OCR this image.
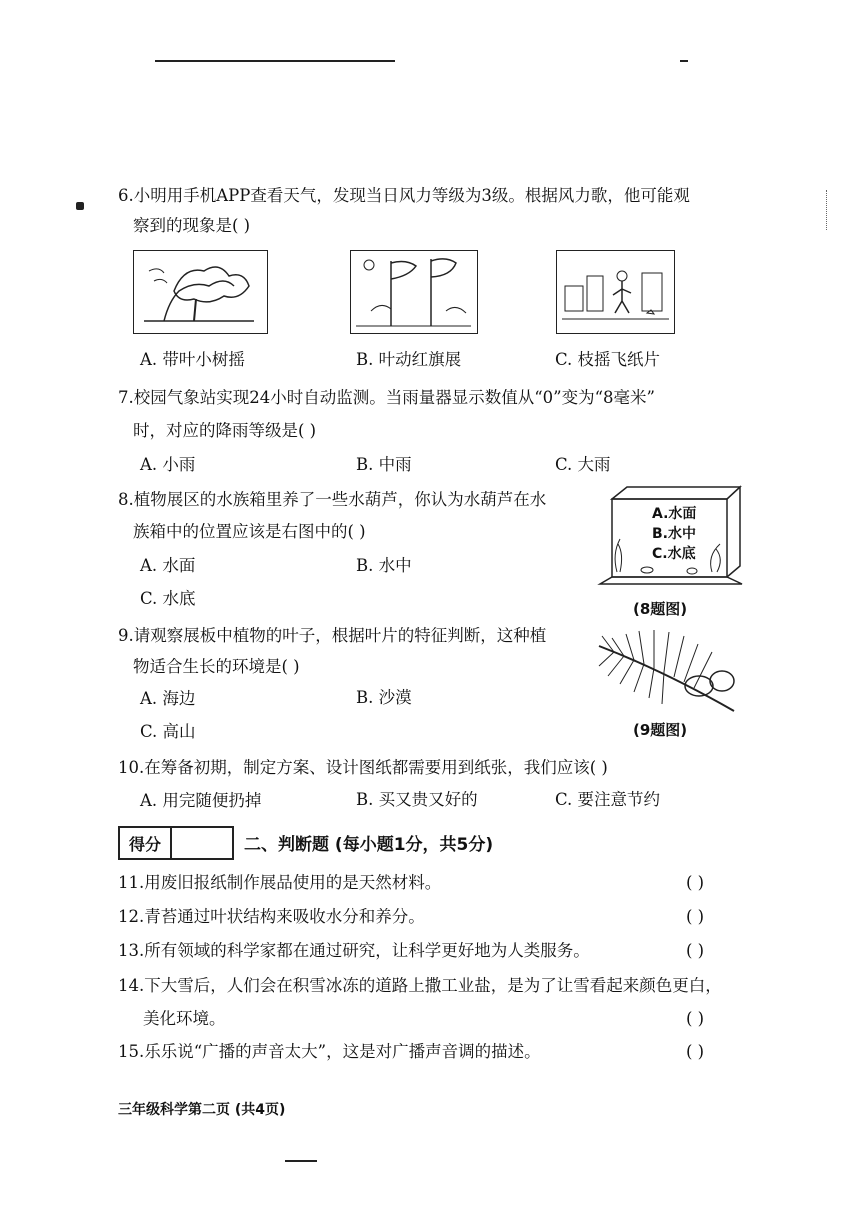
6.小明用手机APP查看天气，发现当日风力等级为3级。根据风力歌，他可能观
察到的现象是( )
A. 带叶小树摇	B. 叶动红旗展	C. 枝摇飞纸片
7.校园气象站实现24小时自动监测。当雨量器显示数值从“0”变为“8毫米”
时，对应的降雨等级是( )
A. 小雨	B. 中雨	C. 大雨
8.植物展区的水族箱里养了一些水葫芦，你认为水葫芦在水
族箱中的位置应该是右图中的( )
A. 水面	B. 水中
C. 水底
A.水面
B.水中
C.水底
(8题图)
9.请观察展板中植物的叶子，根据叶片的特征判断，这种植
物适合生长的环境是( )
A. 海边	B. 沙漠
C. 高山	(9题图)
10.在筹备初期，制定方案、设计图纸都需要用到纸张，我们应该( )
A. 用完随便扔掉	B. 买又贵又好的	C. 要注意节约
得分	二、判断题 (每小题1分，共5分)
11.用废旧报纸制作展品使用的是天然材料。	( )
12.青苔通过叶状结构来吸收水分和养分。	( )
13.所有领域的科学家都在通过研究，让科学更好地为人类服务。	( )
14.下大雪后，人们会在积雪冰冻的道路上撒工业盐，是为了让雪看起来颜色更白，
美化环境。	( )
15.乐乐说“广播的声音太大”，这是对广播声音调的描述。	( )
三年级科学第二页 (共4页)
